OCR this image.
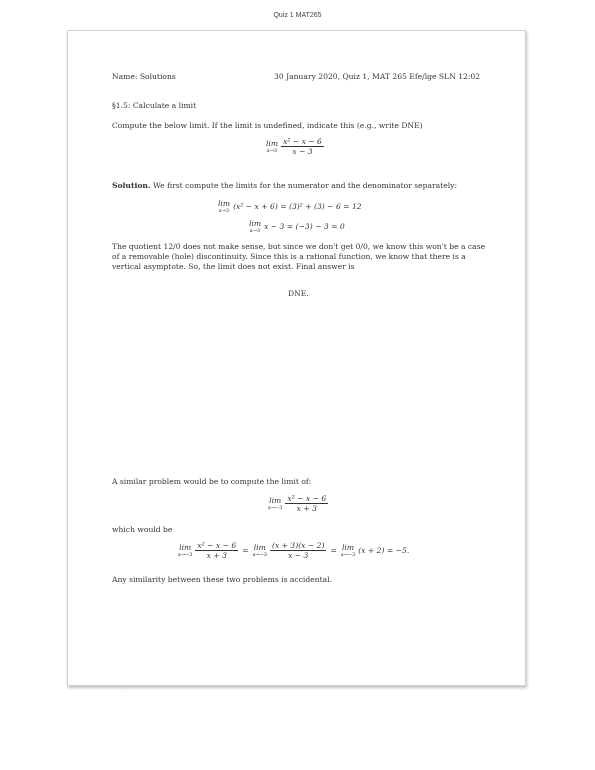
Quiz 1 MAT265
Name: Solutions	30 January 2020, Quiz 1, MAT 265 Efe/lge SLN 12:02
§1.5: Calculate a limit
Compute the below limit. If the limit is undefined, indicate this (e.g., write DNE)
lim
$x\to 3 \frac{\text{x² − x − 6}}{x - 3}$
Solution. We first compute the limits for the numerator and the denominator separately:
lim
x→3 (x² − x + 6) = (3)² + (3) − 6 = 12
lim
x→3 x − 3 = (−3) − 3 = 0
The quotient 12/0 does not make sense, but since we don't get 0/0, we know this won't be a case of a removable (hole) discontinuity. Since this is a rational function, we know that there is a vertical asymptote. So, the limit does not exist. Final answer is
DNE.
A similar problem would be to compute the limit of:
lim
$x\to-3 \frac{\text{x² − x − 6}}{x + 3}$
which would be
lim
$x\to-3 \frac{\text{x² − x − 6}}{x + 3} = \lim$
$x\to-3 \frac{(x + 3)(x - 2)}{x - 3} = \lim$
x→−3 (x + 2) = −5.
Any similarity between these two problems is accidental.
·
